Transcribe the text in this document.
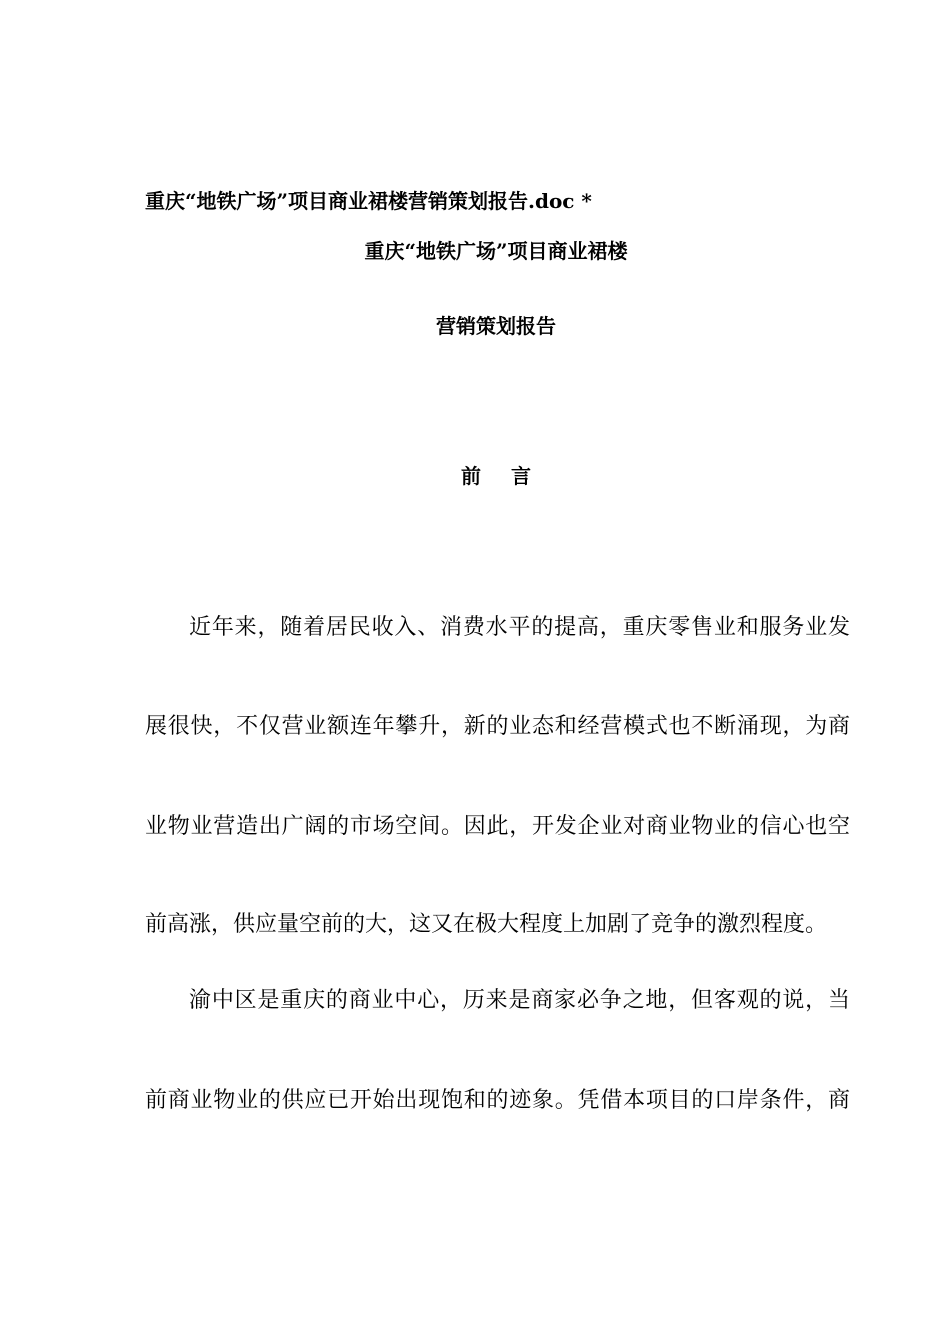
重庆“地铁广场”项目商业裙楼营销策划报告.doc *
重庆“地铁广场”项目商业裙楼
营销策划报告
前言
近年来，随着居民收入、消费水平的提高，重庆零售业和服务业发
展很快，不仅营业额连年攀升，新的业态和经营模式也不断涌现，为商
业物业营造出广阔的市场空间。因此，开发企业对商业物业的信心也空
前高涨，供应量空前的大，这又在极大程度上加剧了竞争的激烈程度。
渝中区是重庆的商业中心，历来是商家必争之地，但客观的说，当
前商业物业的供应已开始出现饱和的迹象。凭借本项目的口岸条件，商
